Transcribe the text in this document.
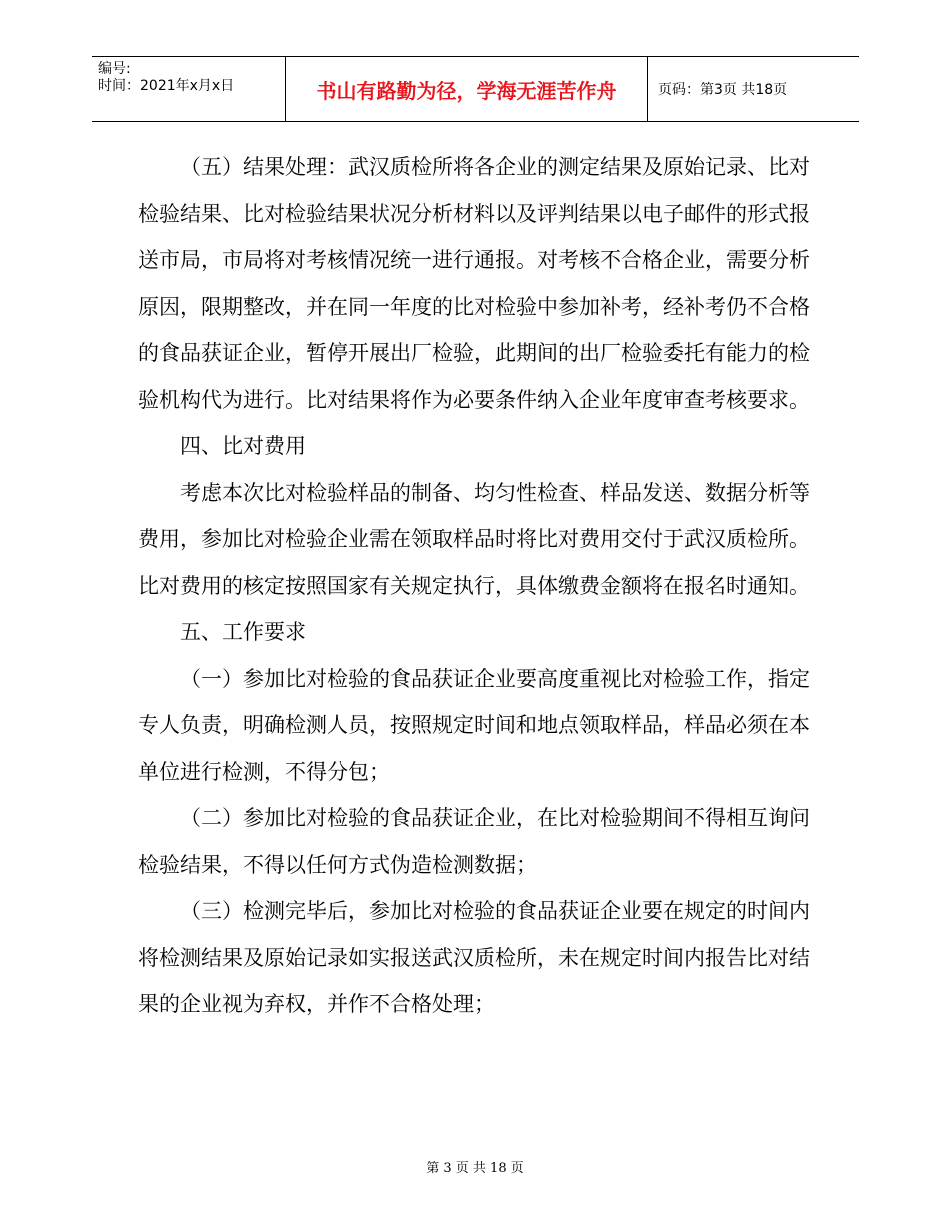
编号:
时间：2021年x月x日	书山有路勤为径，学海无涯苦作舟	页码：第3页 共18页

（五）结果处理：武汉质检所将各企业的测定结果及原始记录、比对检验结果、比对检验结果状况分析材料以及评判结果以电子邮件的形式报送市局，市局将对考核情况统一进行通报。对考核不合格企业，需要分析原因，限期整改，并在同一年度的比对检验中参加补考，经补考仍不合格的食品获证企业，暂停开展出厂检验，此期间的出厂检验委托有能力的检验机构代为进行。比对结果将作为必要条件纳入企业年度审查考核要求。

四、比对费用

考虑本次比对检验样品的制备、均匀性检查、样品发送、数据分析等费用，参加比对检验企业需在领取样品时将比对费用交付于武汉质检所。比对费用的核定按照国家有关规定执行，具体缴费金额将在报名时通知。

五、工作要求

（一）参加比对检验的食品获证企业要高度重视比对检验工作，指定专人负责，明确检测人员，按照规定时间和地点领取样品，样品必须在本单位进行检测，不得分包；

（二）参加比对检验的食品获证企业，在比对检验期间不得相互询问检验结果，不得以任何方式伪造检测数据；

（三）检测完毕后，参加比对检验的食品获证企业要在规定的时间内将检测结果及原始记录如实报送武汉质检所，未在规定时间内报告比对结果的企业视为弃权，并作不合格处理；

第 3 页 共 18 页
